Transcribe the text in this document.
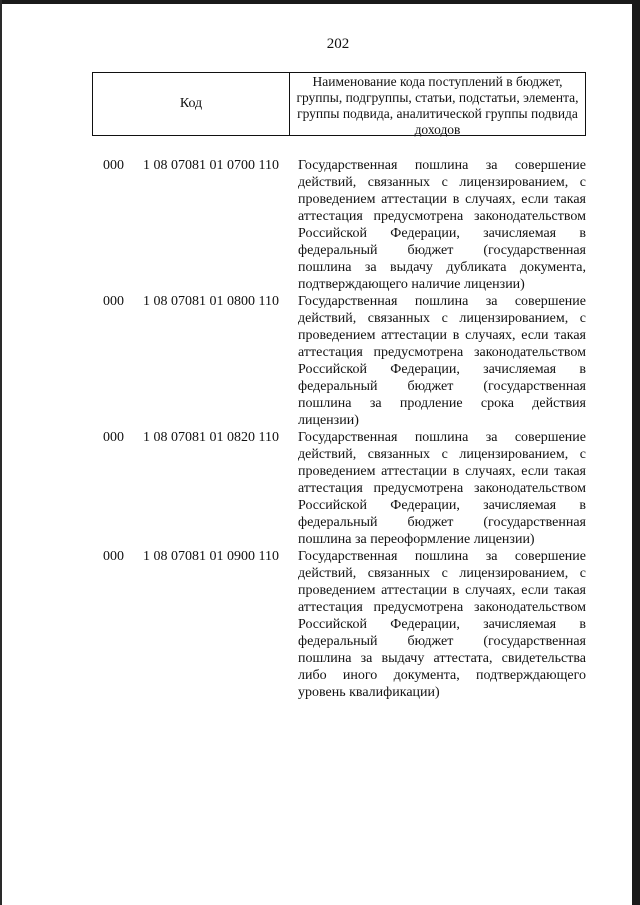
202
Код
Наименование кода поступлений в бюджет, группы, подгруппы, статьи, подстатьи, элемента, группы подвида, аналитической группы подвида доходов
000 1 08 07081 01 0700 110 Государственная пошлина за совершение действий, связанных с лицензированием, с проведением аттестации в случаях, если такая аттестация предусмотрена законодательством Российской Федерации, зачисляемая в федеральный бюджет (государственная пошлина за выдачу дубликата документа, подтверждающего наличие лицензии)
000 1 08 07081 01 0800 110 Государственная пошлина за совершение действий, связанных с лицензированием, с проведением аттестации в случаях, если такая аттестация предусмотрена законодательством Российской Федерации, зачисляемая в федеральный бюджет (государственная пошлина за продление срока действия лицензии)
000 1 08 07081 01 0820 110 Государственная пошлина за совершение действий, связанных с лицензированием, с проведением аттестации в случаях, если такая аттестация предусмотрена законодательством Российской Федерации, зачисляемая в федеральный бюджет (государственная пошлина за переоформление лицензии)
000 1 08 07081 01 0900 110 Государственная пошлина за совершение действий, связанных с лицензированием, с проведением аттестации в случаях, если такая аттестация предусмотрена законодательством Российской Федерации, зачисляемая в федеральный бюджет (государственная пошлина за выдачу аттестата, свидетельства либо иного документа, подтверждающего уровень квалификации)
